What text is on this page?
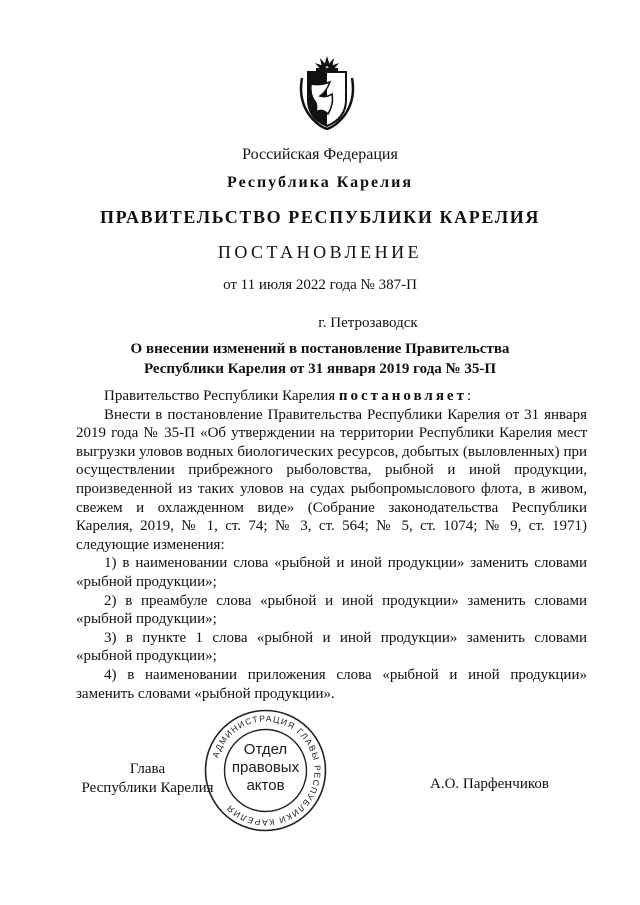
Российская Федерация
Республика Карелия
ПРАВИТЕЛЬСТВО РЕСПУБЛИКИ КАРЕЛИЯ
ПОСТАНОВЛЕНИЕ
от 11 июля 2022 года № 387-П
г. Петрозаводск
О внесении изменений в постановление Правительства
Республики Карелия от 31 января 2019 года № 35-П

Правительство Республики Карелия постановляет:

Внести в постановление Правительства Республики Карелия от 31 января 2019 года № 35-П «Об утверждении на территории Республики Карелия мест выгрузки уловов водных биологических ресурсов, добытых (выловленных) при осуществлении прибрежного рыболовства, рыбной и иной продукции, произведенной из таких уловов на судах рыбопромыслового флота, в живом, свежем и охлажденном виде» (Собрание законодательства Республики Карелия, 2019, № 1, ст. 74; № 3, ст. 564; № 5, ст. 1074; № 9, ст. 1971) следующие изменения:

1) в наименовании слова «рыбной и иной продукции» заменить словами «рыбной продукции»;

2) в преамбуле слова «рыбной и иной продукции» заменить словами «рыбной продукции»;

3) в пункте 1 слова «рыбной и иной продукции» заменить словами «рыбной продукции»;

4) в наименовании приложения слова «рыбной и иной продукции» заменить словами «рыбной продукции».

Глава
Республики Карелия	А.О. Парфенчиков
АДМИНИСТРАЦИЯ ГЛАВЫ РЕСПУБЛИКИ КАРЕЛИЯ
Отдел
правовых
актов
